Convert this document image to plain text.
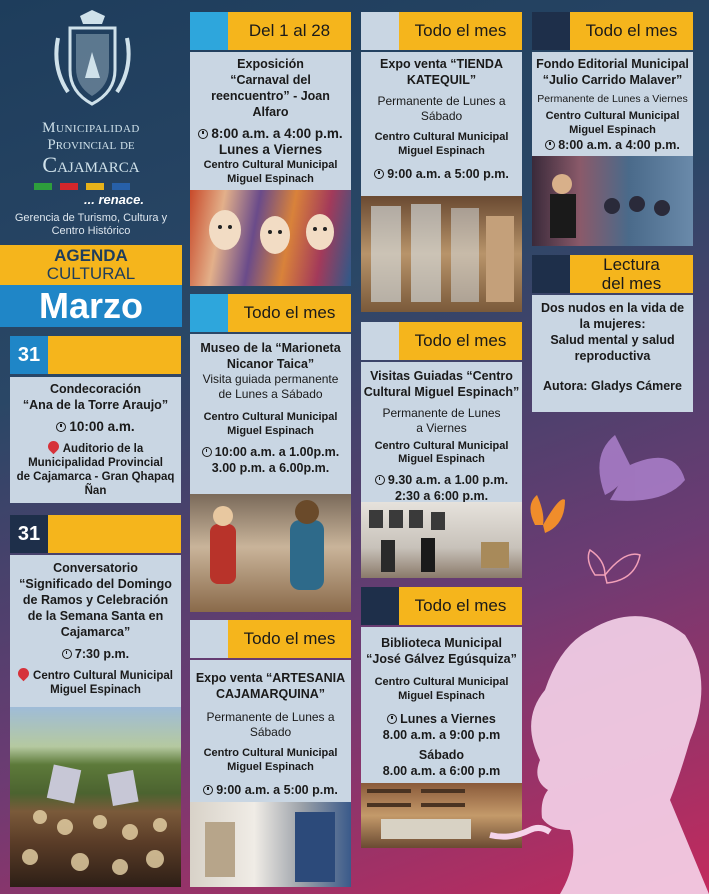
Municipalidad
Provincial de
Cajamarca
... renace.
Gerencia de Turismo, Cultura y
Centro Histórico
AGENDA
CULTURAL
Marzo
31
Condecoración
“Ana de la Torre Araujo”
10:00 a.m.
Auditorio de la
Municipalidad Provincial
de Cajamarca - Gran Qhapaq
Ñan
31
Conversatorio
“Significado del Domingo
de Ramos y Celebración
de la Semana Santa en
Cajamarca”
7:30 p.m.
Centro Cultural Municipal
Miguel Espinach
Del 1 al 28
Exposición
“Carnaval del
reencuentro” - Joan
Alfaro
8:00 a.m. a 4:00 p.m.
Lunes a Viernes
Centro Cultural Municipal
Miguel Espinach
Todo el mes
Museo de la “Marioneta
Nicanor Taica”
Visita guiada permanente
de Lunes a Sábado
Centro Cultural Municipal
Miguel Espinach
10:00 a.m. a 1.00p.m.
3.00 p.m. a 6.00p.m.
Todo el mes
Expo venta “ARTESANIA
CAJAMARQUINA”
Permanente de Lunes a
Sábado
Centro Cultural Municipal
Miguel Espinach
9:00 a.m. a 5:00 p.m.
Todo el mes
Expo venta “TIENDA
KATEQUIL”
Permanente de Lunes a
Sábado
Centro Cultural Municipal
Miguel Espinach
9:00 a.m. a 5:00 p.m.
Todo el mes
Visitas Guiadas “Centro
Cultural Miguel Espinach”
Permanente de Lunes
a Viernes
Centro Cultural Municipal
Miguel Espinach
9.30 a.m. a 1.00 p.m.
2:30 a 6:00 p.m.
Todo el mes
Biblioteca Municipal
“José Gálvez Egúsquiza”
Centro Cultural Municipal
Miguel Espinach
Lunes a Viernes
8.00 a.m. a 9:00 p.m
Sábado
8.00 a.m. a 6:00 p.m
Todo el mes
Fondo Editorial Municipal
“Julio Carrido Malaver”
Permanente de Lunes a Viernes
Centro Cultural Municipal
Miguel Espinach
8:00 a.m. a 4:00 p.m.
Lectura
del mes
Dos nudos en la vida de
la mujeres:
Salud mental y salud
reproductiva
Autora: Gladys Cámere
